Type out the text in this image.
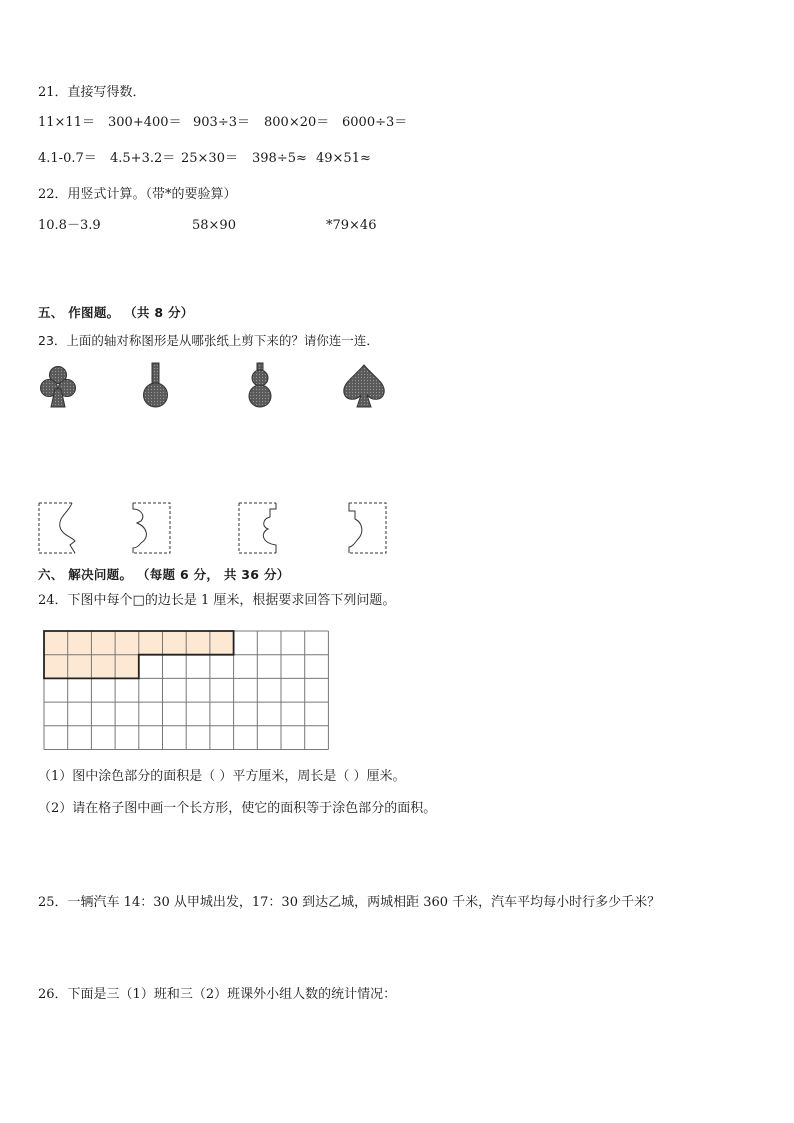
21．直接写得数．
11×11＝ 300+400＝ 903÷3＝ 800×20＝ 6000÷3＝
4.1-0.7＝ 4.5+3.2＝ 25×30＝ 398÷5≈ 49×51≈
22．用竖式计算。（带*的要验算）
10.8－3.9	58×90	*79×46
五、 作图题。 （共 8 分）
23．上面的轴对称图形是从哪张纸上剪下来的？请你连一连．
六、 解决问题。 （每题 6 分， 共 36 分）
24．下图中每个□的边长是 1 厘米，根据要求回答下列问题。
（1）图中涂色部分的面积是（ ）平方厘米，周长是（ ）厘米。
（2）请在格子图中画一个长方形，使它的面积等于涂色部分的面积。
25．一辆汽车 14：30 从甲城出发，17：30 到达乙城，两城相距 360 千米，汽车平均每小时行多少千米？
26．下面是三（1）班和三（2）班课外小组人数的统计情况：
